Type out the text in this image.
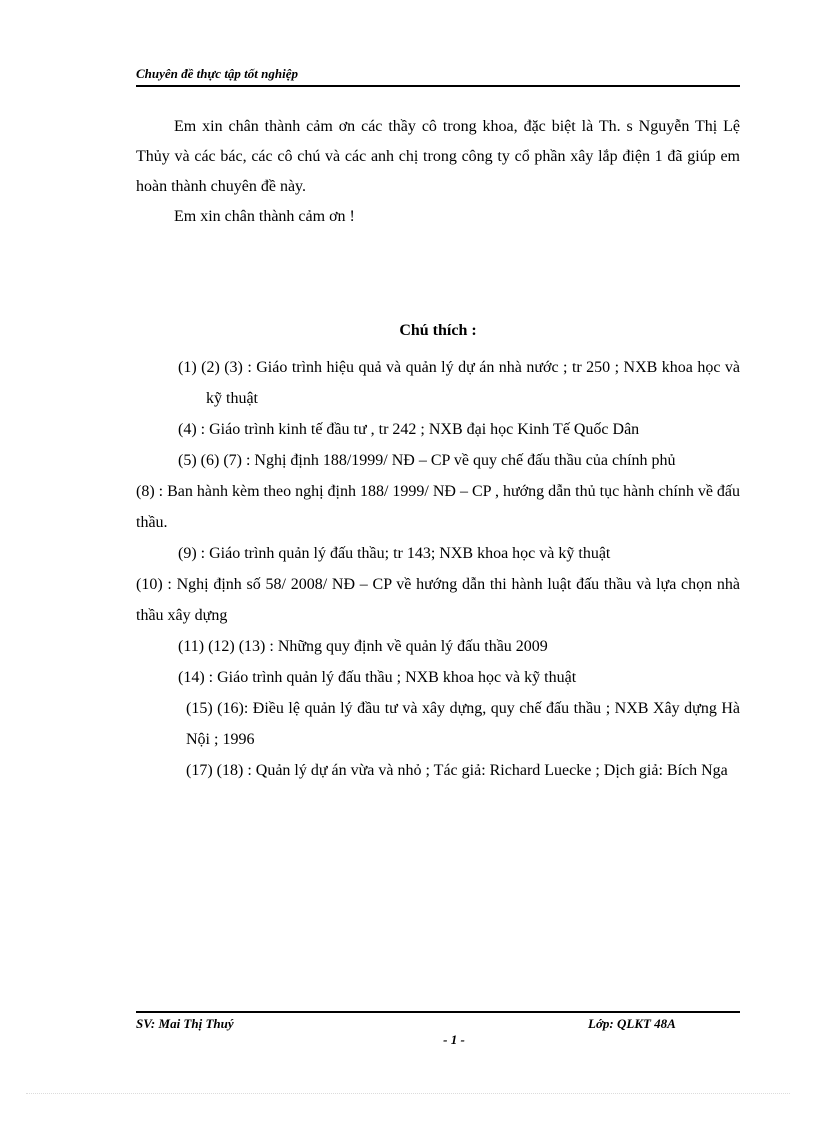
Chuyên đề thực tập tốt nghiệp

Em xin chân thành cảm ơn các thầy cô trong khoa, đặc biệt là Th. s Nguyễn Thị Lệ Thủy và các bác, các cô chú và các anh chị trong công ty cổ phần xây lắp điện 1 đã giúp em hoàn thành chuyên đề này.

Em xin chân thành cảm ơn !

Chú thích :
(1) (2) (3) : Giáo trình hiệu quả và quản lý dự án nhà nước ; tr 250 ; NXB khoa học và kỹ thuật
(4) : Giáo trình kinh tế đầu tư , tr 242 ; NXB đại học Kinh Tế Quốc Dân
(5) (6) (7) : Nghị định 188/1999/ NĐ – CP về quy chế đấu thầu của chính phủ
(8) : Ban hành kèm theo nghị định 188/ 1999/ NĐ – CP , hướng dẫn thủ tục hành chính về đấu thầu.
(9) : Giáo trình quản lý đấu thầu; tr 143; NXB khoa học và kỹ thuật
(10) : Nghị định số 58/ 2008/ NĐ – CP về hướng dẫn thi hành luật đấu thầu và lựa chọn nhà thầu xây dựng
(11) (12) (13) : Những quy định về quản lý đấu thầu 2009
(14) : Giáo trình quản lý đấu thầu ; NXB khoa học và kỹ thuật
(15) (16): Điều lệ quản lý đầu tư và xây dựng, quy chế đấu thầu ; NXB Xây dựng Hà Nội ; 1996
(17) (18) : Quản lý dự án vừa và nhỏ ; Tác giả: Richard Luecke ; Dịch giả: Bích Nga
SV: Mai Thị Thuý	Lớp: QLKT 48A
- 1 -
